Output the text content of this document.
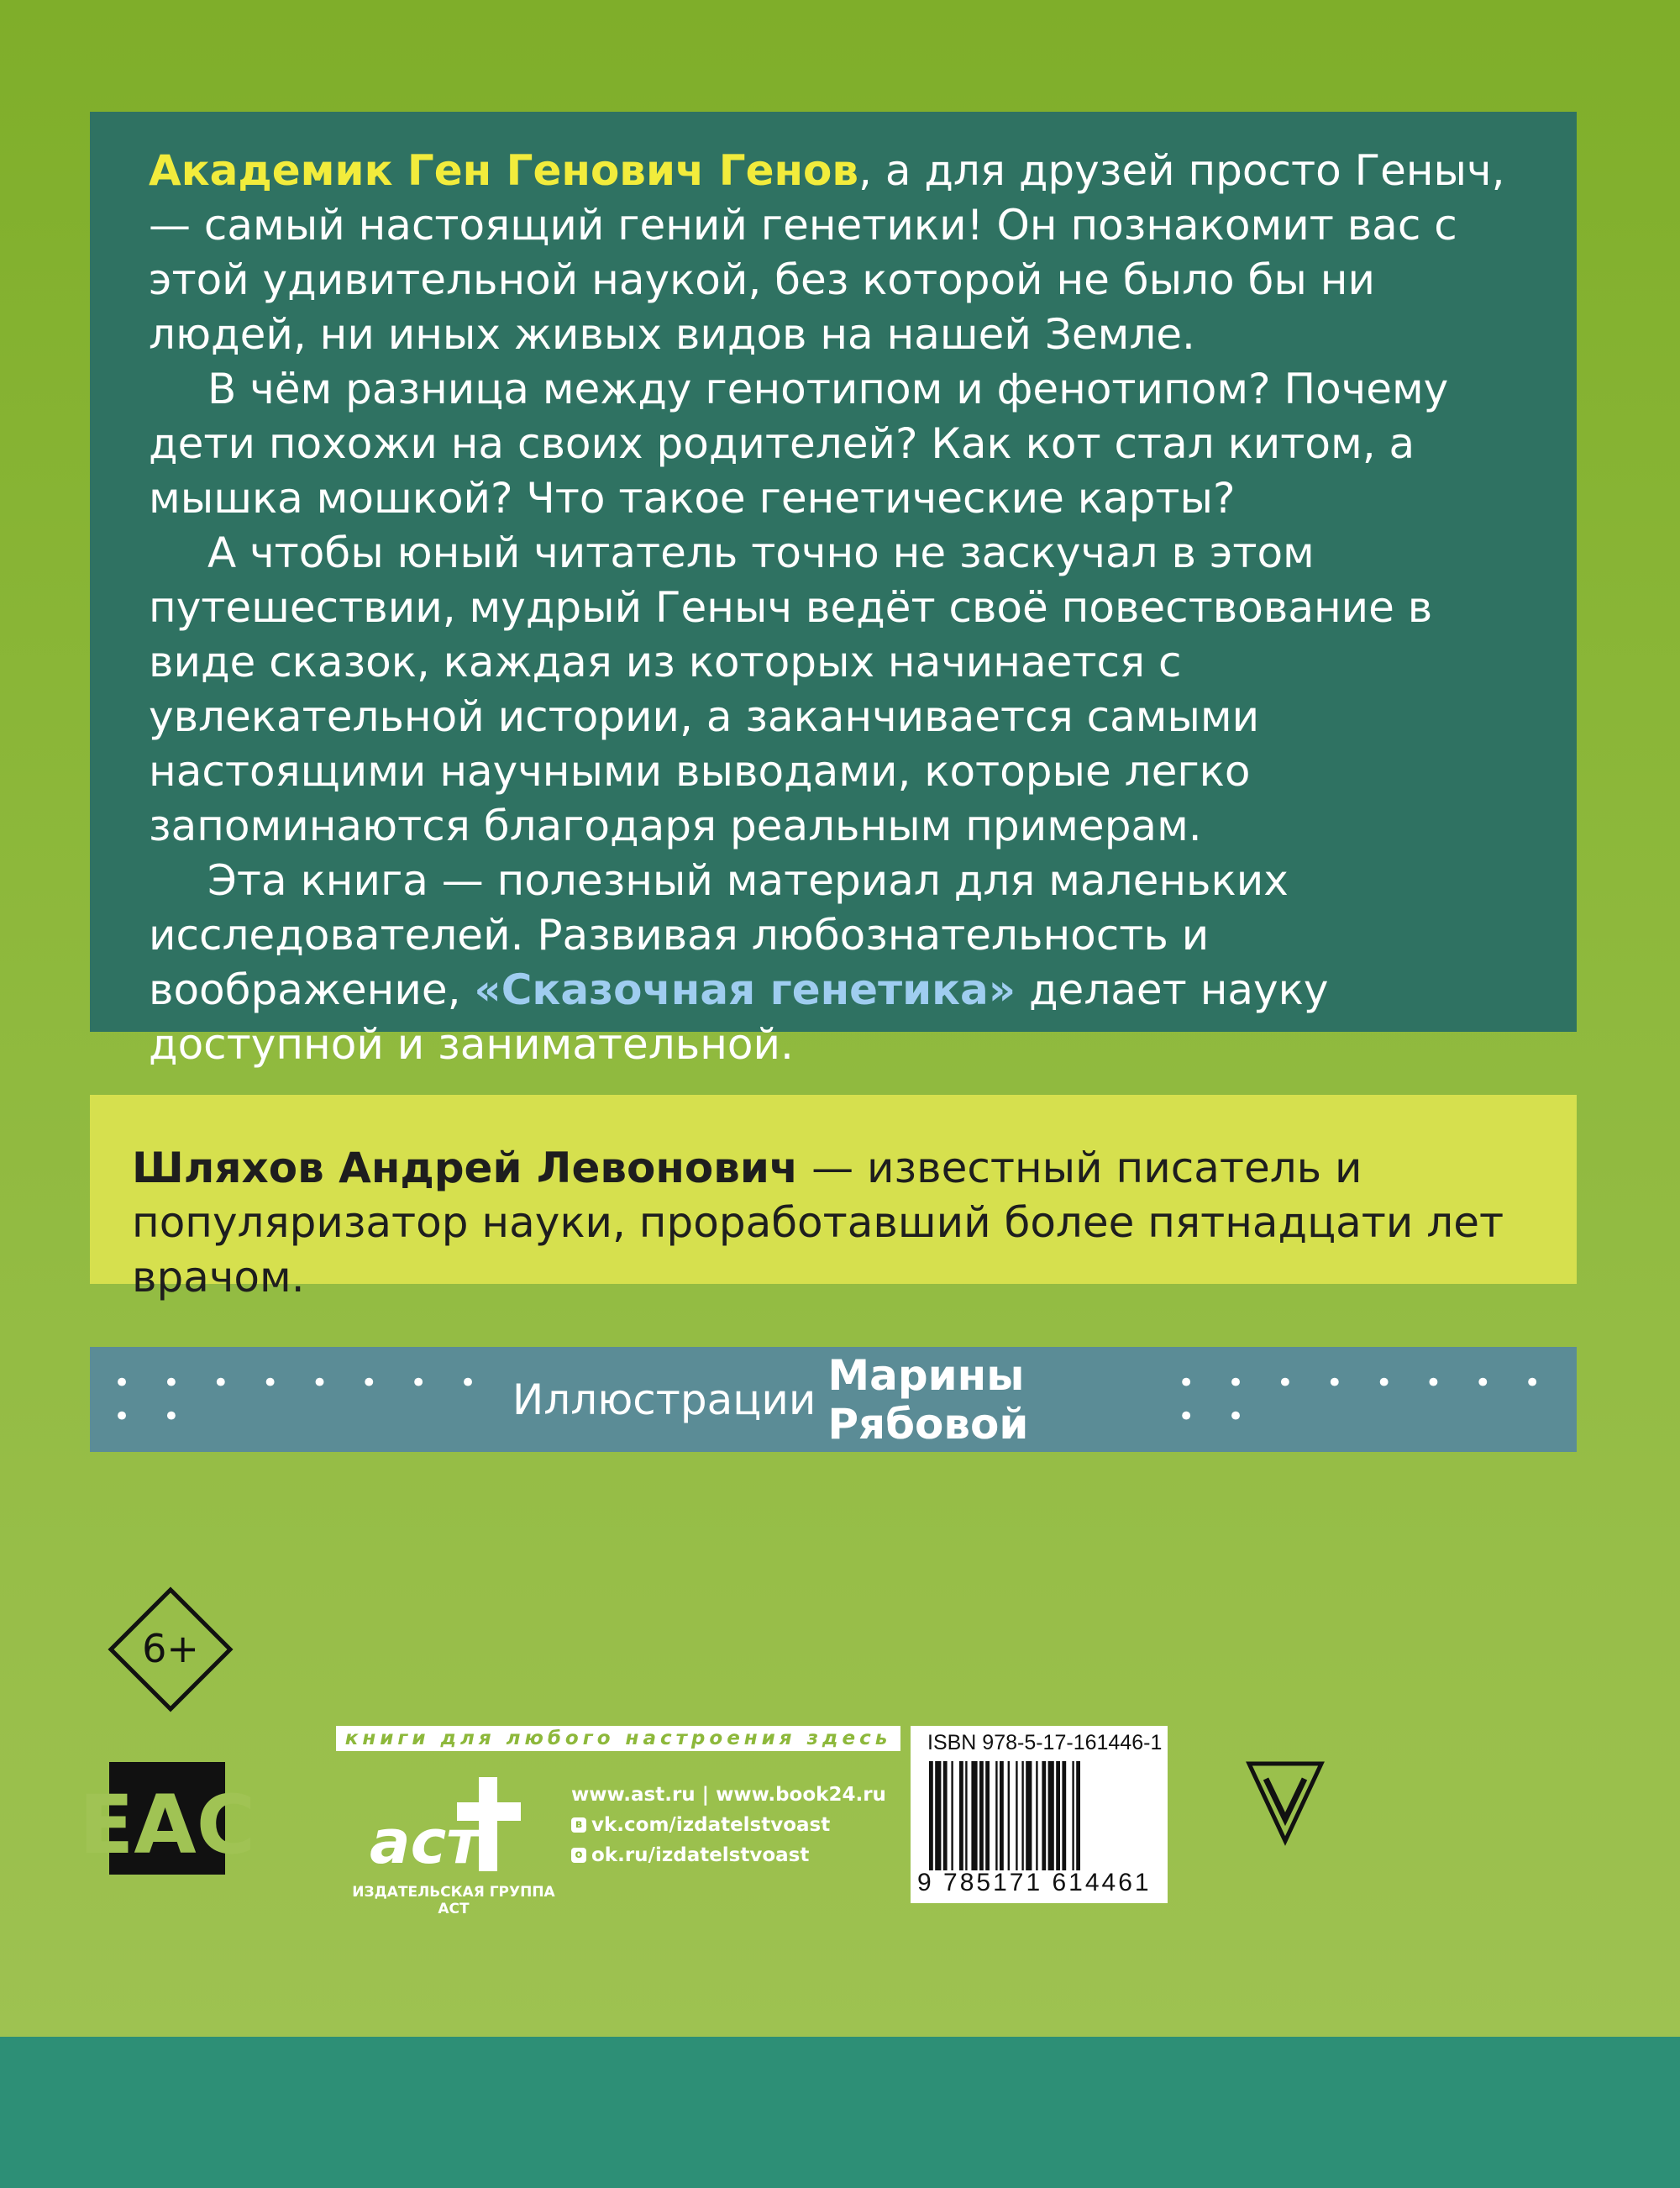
Академик Ген Генович Генов, а для друзей просто Геныч, — самый настоящий гений генетики! Он познакомит вас с этой удивительной наукой, без которой не было бы ни людей, ни иных живых видов на нашей Земле.

В чём разница между генотипом и фенотипом? Почему дети похожи на своих родителей? Как кот стал китом, а мышка мошкой? Что такое генетические карты?

А чтобы юный читатель точно не заскучал в этом путешествии, мудрый Геныч ведёт своё повествование в виде сказок, каждая из которых начинается с увлекательной истории, а заканчивается самыми настоящими научными выводами, которые легко запоминаются благодаря реальным примерам.

Эта книга — полезный материал для маленьких исследователей. Развивая любознательность и воображение, «Сказочная генетика» делает науку доступной и занимательной.

Шляхов Андрей Левонович — известный писатель и популяризатор науки, проработавший более пятнадцати лет врачом.
• • • • • • • • • •	Иллюстрации Марины Рябовой
• • • • • • • • • •
6+
EAC
книги для любого настроения здесь
аст
ИЗДАТЕЛЬСКАЯ ГРУППА АСТ
www.ast.ru | www.book24.ru
в vk.com/ izdatelstvoast
о ok.ru/ izdatelstvoast
ISBN 978-5-17-161446-1
9 785171 614461
